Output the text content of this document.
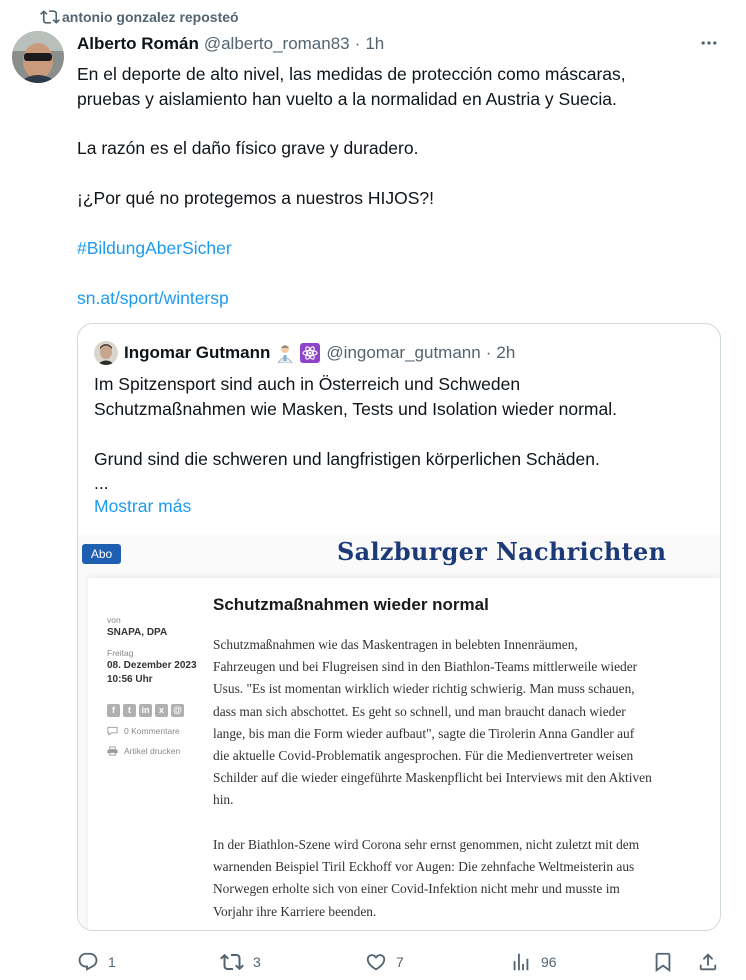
antonio gonzalez reposteó
Alberto Román @alberto_roman83 · 1h
En el deporte de alto nivel, las medidas de protección como máscaras,
pruebas y aislamiento han vuelto a la normalidad en Austria y Suecia.
La razón es el daño físico grave y duradero.
¡¿Por qué no protegemos a nuestros HIJOS?!
#BildungAberSicher
sn.at/sport/wintersp
Ingomar Gutmann	@ingomar_gutmann · 2h
Im Spitzensport sind auch in Österreich und Schweden
Schutzmaßnahmen wie Masken, Tests und Isolation wieder normal.
Grund sind die schweren und langfristigen körperlichen Schäden.
...
Mostrar más
Abo	Salzburger Nachrichten
von
SNAPA, DPA
Freitag
08. Dezember 2023
10:56 Uhr
f t in x @
0 Kommentare
Artikel drucken
Schutzmaßnahmen wieder normal
Schutzmaßnahmen wie das Maskentragen in belebten Innenräumen,
Fahrzeugen und bei Flugreisen sind in den Biathlon-Teams mittlerweile wieder
Usus. "Es ist momentan wirklich wieder richtig schwierig. Man muss schauen,
dass man sich abschottet. Es geht so schnell, und man braucht danach wieder
lange, bis man die Form wieder aufbaut", sagte die Tirolerin Anna Gandler auf
die aktuelle Covid-Problematik angesprochen. Für die Medienvertreter weisen
Schilder auf die wieder eingeführte Maskenpflicht bei Interviews mit den Aktiven
hin.
In der Biathlon-Szene wird Corona sehr ernst genommen, nicht zuletzt mit dem
warnenden Beispiel Tiril Eckhoff vor Augen: Die zehnfache Weltmeisterin aus
Norwegen erholte sich von einer Covid-Infektion nicht mehr und musste im
Vorjahr ihre Karriere beenden.
1	3	7	96
